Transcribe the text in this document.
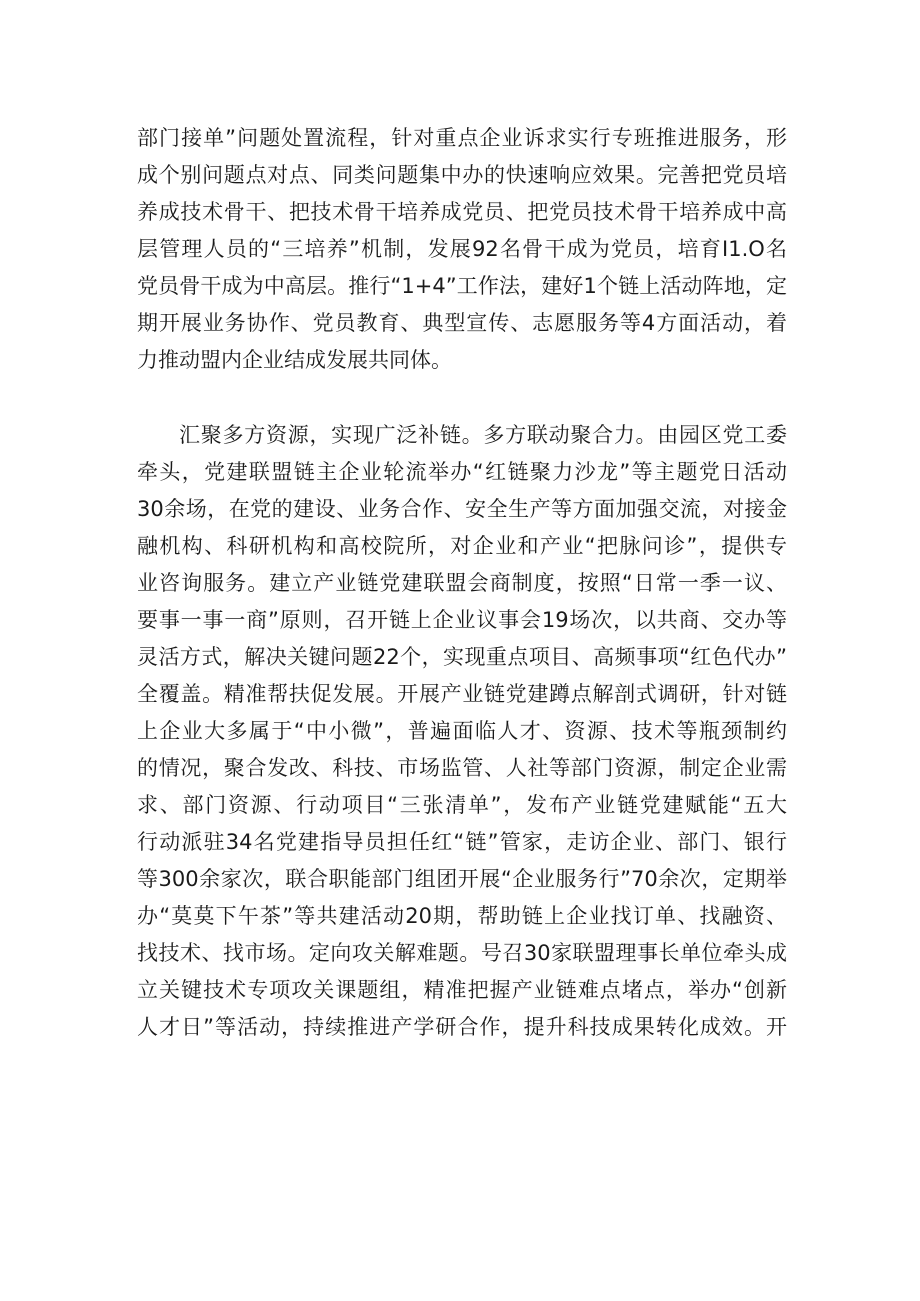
部门接单”问题处置流程，针对重点企业诉求实行专班推进服务，形
成个别问题点对点、同类问题集中办的快速响应效果。完善把党员培
养成技术骨干、把技术骨干培养成党员、把党员技术骨干培养成中高
层管理人员的“三培养”机制，发展92名骨干成为党员，培育I1.O名
党员骨干成为中高层。推行“1+4”工作法，建好1个链上活动阵地，定
期开展业务协作、党员教育、典型宣传、志愿服务等4方面活动，着
力推动盟内企业结成发展共同体。
汇聚多方资源，实现广泛补链。多方联动聚合力。由园区党工委
牵头，党建联盟链主企业轮流举办“红链聚力沙龙”等主题党日活动
30余场，在党的建设、业务合作、安全生产等方面加强交流，对接金
融机构、科研机构和高校院所，对企业和产业“把脉问诊”，提供专
业咨询服务。建立产业链党建联盟会商制度，按照“日常一季一议、
要事一事一商”原则，召开链上企业议事会19场次，以共商、交办等
灵活方式，解决关键问题22个，实现重点项目、高频事项“红色代办”
全覆盖。精准帮扶促发展。开展产业链党建蹲点解剖式调研，针对链
上企业大多属于“中小微”，普遍面临人才、资源、技术等瓶颈制约
的情况，聚合发改、科技、市场监管、人社等部门资源，制定企业需
求、部门资源、行动项目“三张清单”，发布产业链党建赋能“五大
行动派驻34名党建指导员担任红“链”管家，走访企业、部门、银行
等300余家次，联合职能部门组团开展“企业服务行”70余次，定期举
办“莫莫下午茶”等共建活动20期，帮助链上企业找订单、找融资、
找技术、找市场。定向攻关解难题。号召30家联盟理事长单位牵头成
立关键技术专项攻关课题组，精准把握产业链难点堵点，举办“创新
人才日”等活动，持续推进产学研合作，提升科技成果转化成效。开
